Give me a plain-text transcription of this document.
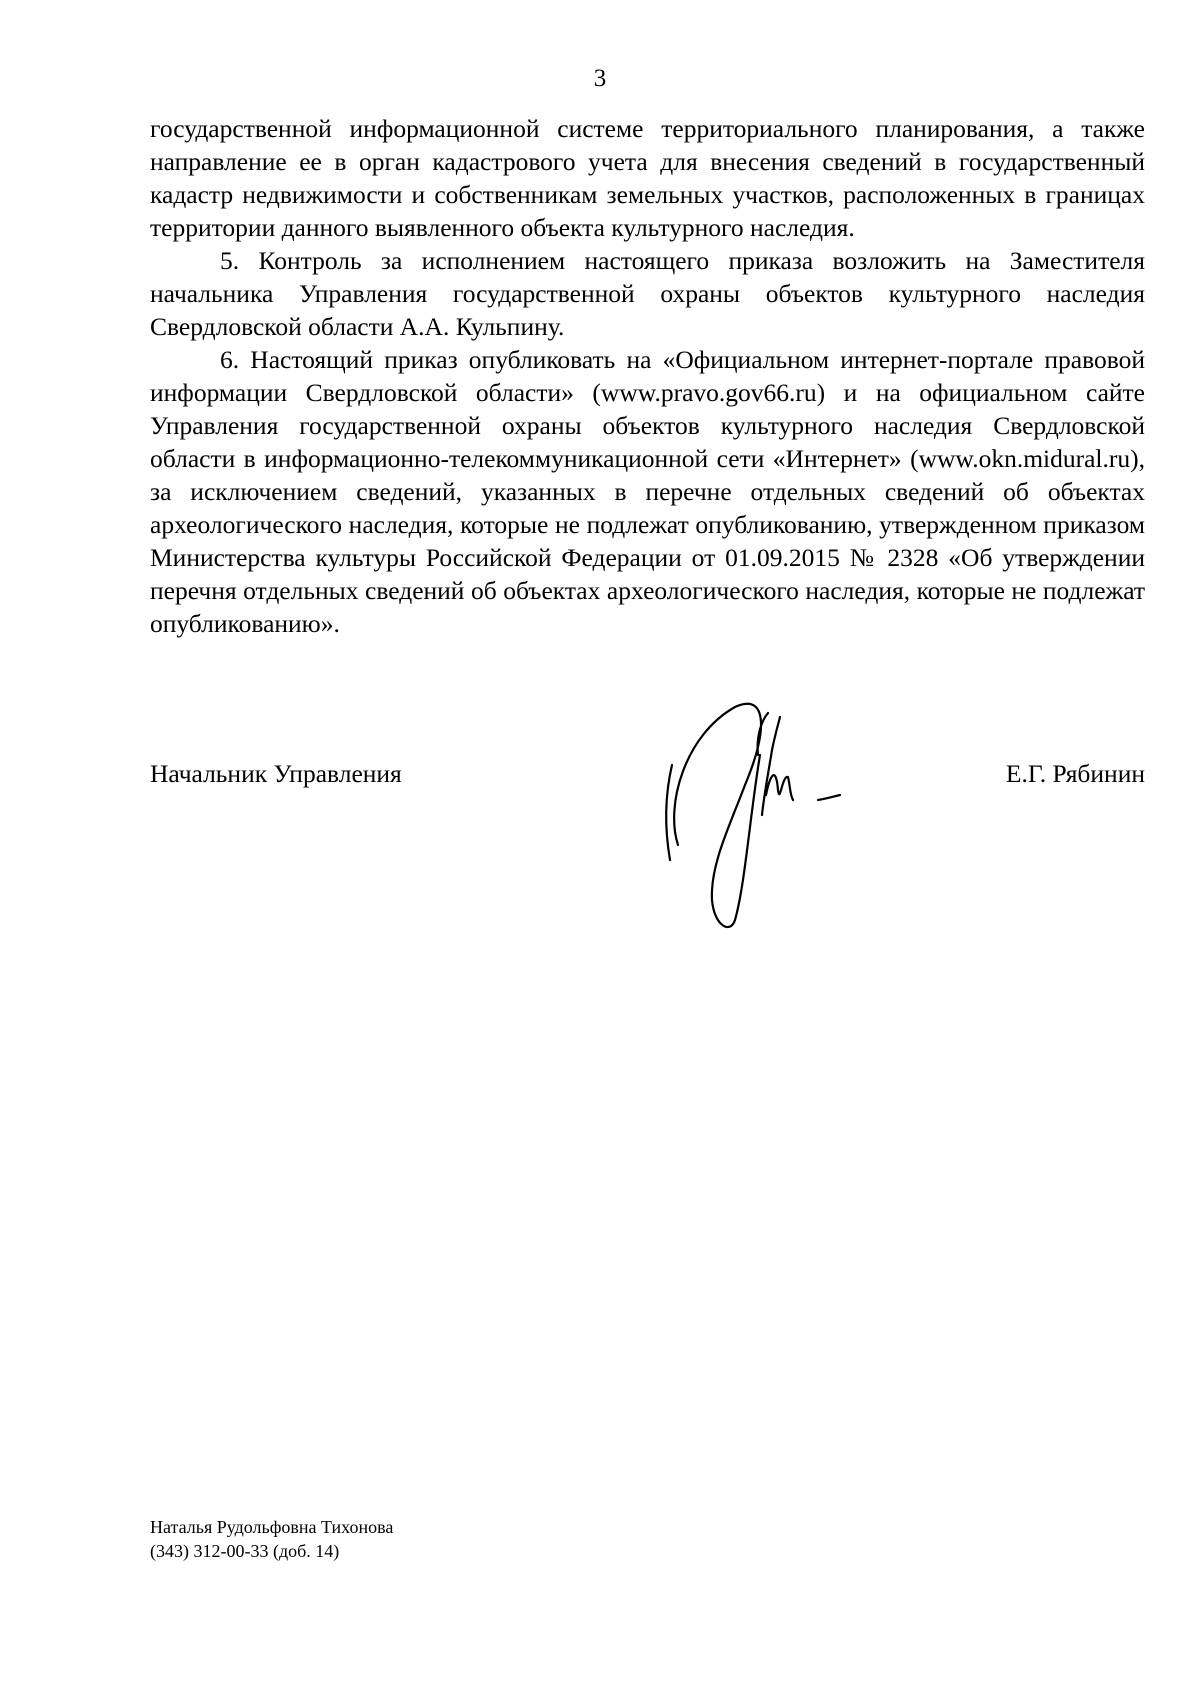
3

государственной информационной системе территориального планирования, а также направление ее в орган кадастрового учета для внесения сведений в государственный кадастр недвижимости и собственникам земельных участков, расположенных в границах территории данного выявленного объекта культурного наследия.

5. Контроль за исполнением настоящего приказа возложить на Заместителя начальника Управления государственной охраны объектов культурного наследия Свердловской области А.А. Кульпину.

6. Настоящий приказ опубликовать на «Официальном интернет-портале правовой информации Свердловской области» (www.pravo.gov66.ru) и на официальном сайте Управления государственной охраны объектов культурного наследия Свердловской области в информационно-телекоммуникационной сети «Интернет» (www.okn.midural.ru), за исключением сведений, указанных в перечне отдельных сведений об объектах археологического наследия, которые не подлежат опубликованию, утвержденном приказом Министерства культуры Российской Федерации от 01.09.2015 № 2328 «Об утверждении перечня отдельных сведений об объектах археологического наследия, которые не подлежат опубликованию».

Начальник Управления	Е.Г. Рябинин
Наталья Рудольфовна Тихонова
(343) 312-00-33 (доб. 14)
